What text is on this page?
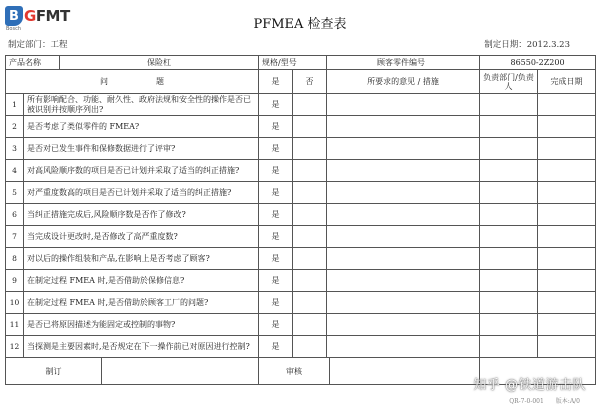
B GFMT
Bosch	PFMEA 检查表
制定部门：工程	制定日期：2012.3.23
产品名称 保险杠		规格/型号		顾客零件编号	86550-2Z200	
问　　　　　　题		是	否	所要求的意见 / 措施	负责部门/负责人	完成日期
1	所有影响配合、功能、耐久性、政府法规和安全性的操作是否已被识别并按顺序列出?	是				
2	是否考虑了类似零件的 FMEA?	是				
3	是否对已发生事件和保修数据进行了评审?	是				
4	对高风险顺序数的项目是否已计划并采取了适当的纠正措施?	是				
5	对严重度数高的项目是否已计划并采取了适当的纠正措施?	是				
6	当纠正措施完成后,风险顺序数是否作了修改?	是				
7	当完成设计更改时,是否修改了高严重度数?	是				
8	对以后的操作组装和产品,在影响上是否考虑了顾客?	是				
9	在制定过程 FMEA 时,是否借助於保修信息?	是				
10	在制定过程 FMEA 时,是否借助於顾客工厂的问题?	是				
11	是否已将原因描述为能固定或控制的事物?	是				
12	当探测是主要因素时,是否规定在下一操作前已对原因进行控制?	是				

制订		审核				

知乎 @铁道游击队
QR-7-0-001　　版本:A/0
